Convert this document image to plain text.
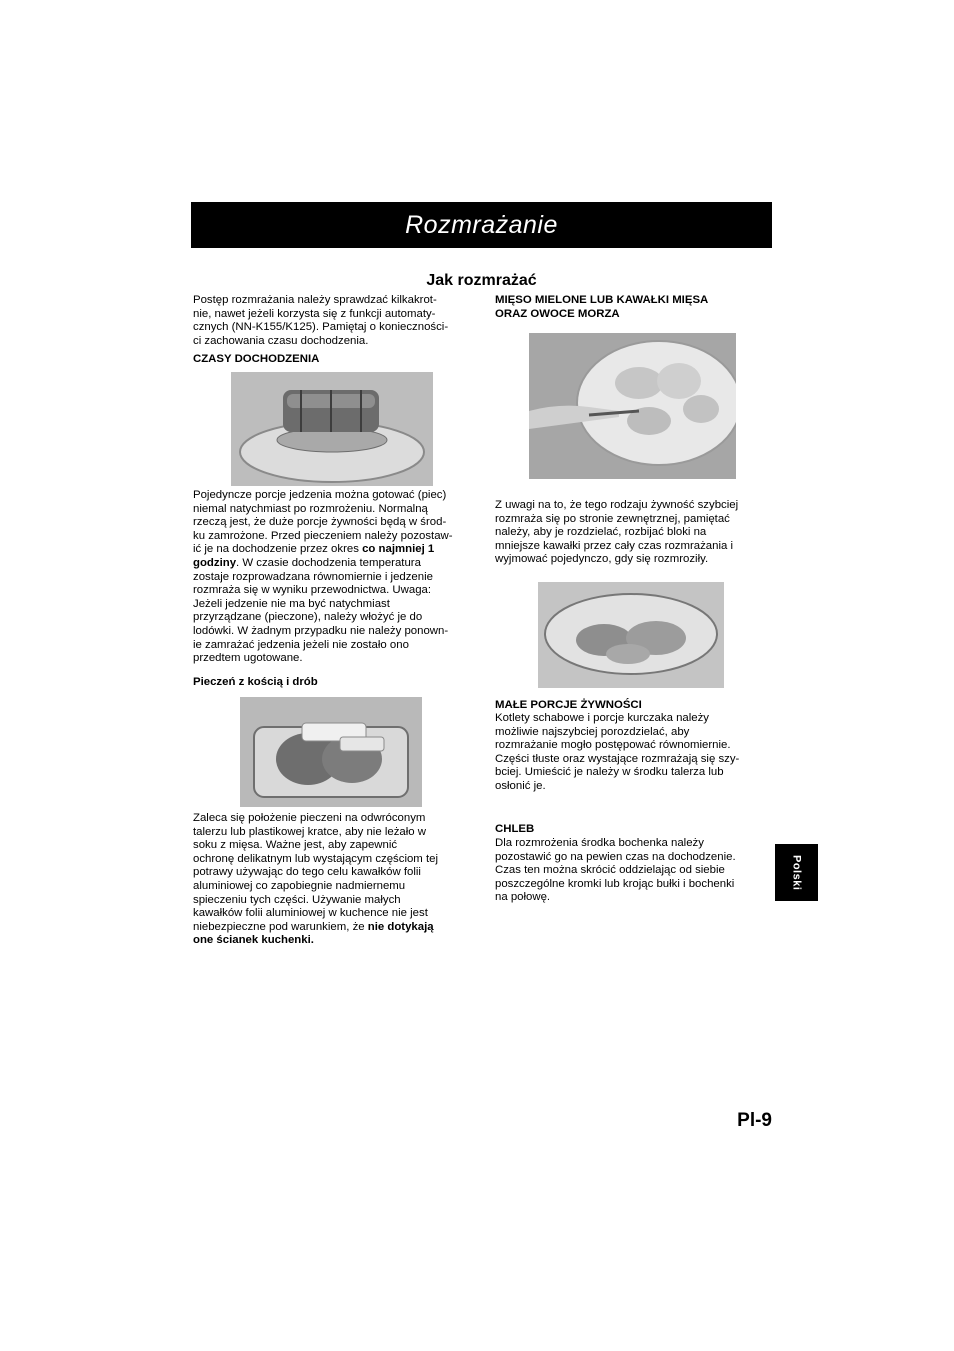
Rozmrażanie
Jak rozmrażać
Postęp rozmrażania należy sprawdzać kilkakrot-
nie, nawet jeżeli korzysta się z funkcji automaty-
cznych (NN-K155/K125). Pamiętaj o konieczności-
ci zachowania czasu dochodzenia.
CZASY DOCHODZENIA
Pojedyncze porcje jedzenia można gotować (piec)
niemal natychmiast po rozmrożeniu. Normalną
rzeczą jest, że duże porcje żywności będą w środ-
ku zamrożone. Przed pieczeniem należy pozostaw-
ić je na dochodzenie przez okres co najmniej 1
godziny. W czasie dochodzenia temperatura
zostaje rozprowadzana równomiernie i jedzenie
rozmraża się w wyniku przewodnictwa. Uwaga:
Jeżeli jedzenie nie ma być natychmiast
przyrządzane (pieczone), należy włożyć je do
lodówki. W żadnym przypadku nie należy ponown-
ie zamrażać jedzenia jeżeli nie zostało ono
przedtem ugotowane.
Pieczeń z kością i drób
Zaleca się położenie pieczeni na odwróconym
talerzu lub plastikowej kratce, aby nie leżało w
soku z mięsa. Ważne jest, aby zapewnić
ochronę delikatnym lub wystającym częściom tej
potrawy używając do tego celu kawałków folii
aluminiowej co zapobiegnie nadmiernemu
spieczeniu tych części. Używanie małych
kawałków folii aluminiowej w kuchence nie jest
niebezpieczne pod warunkiem, że nie dotykają
one ścianek kuchenki.
MIĘSO MIELONE LUB KAWAŁKI MIĘSA
ORAZ OWOCE MORZA
Z uwagi na to, że tego rodzaju żywność szybciej
rozmraża się po stronie zewnętrznej, pamiętać
należy, aby je rozdzielać, rozbijać bloki na
mniejsze kawałki przez cały czas rozmrażania i
wyjmować pojedynczo, gdy się rozmroziły.
MAŁE PORCJE ŻYWNOŚCI
Kotlety schabowe i porcje kurczaka należy
możliwie najszybciej porozdzielać, aby
rozmrażanie mogło postępować równomiernie.
Części tłuste oraz wystające rozmrażają się szy-
bciej. Umieścić je należy w środku talerza lub
osłonić je.
CHLEB
Dla rozmrożenia środka bochenka należy
pozostawić go na pewien czas na dochodzenie.
Czas ten można skrócić oddzielając od siebie
poszczególne kromki lub krojąc bułki i bochenki
na połowę.
Polski
Pl-9
